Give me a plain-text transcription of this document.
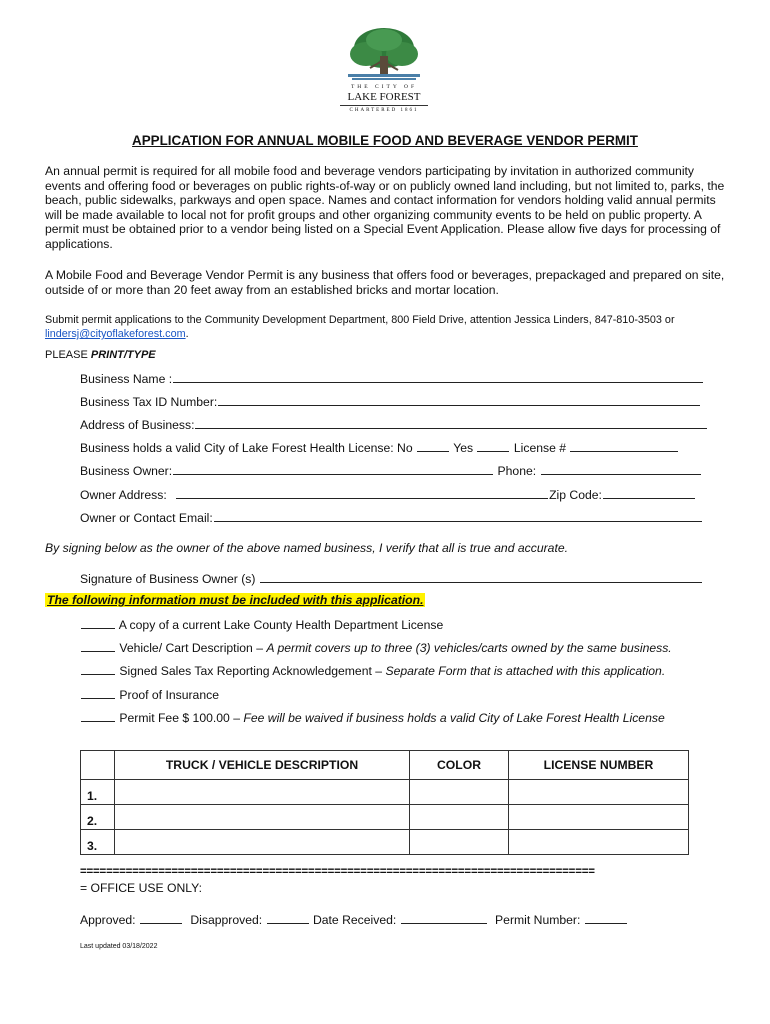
THE CITY OF
LAKE FOREST
CHARTERED 1861
APPLICATION FOR ANNUAL MOBILE FOOD AND BEVERAGE VENDOR PERMIT
An annual permit is required for all mobile food and beverage vendors participating by invitation in authorized community events and offering food or beverages on public rights-of-way or on publicly owned land including, but not limited to, parks, the beach, public sidewalks, parkways and open space. Names and contact information for vendors holding valid annual permits will be made available to local not for profit groups and other organizing community events to be held on public property. A permit must be obtained prior to a vendor being listed on a Special Event Application. Please allow five days for processing of applications.
A Mobile Food and Beverage Vendor Permit is any business that offers food or beverages, prepackaged and prepared on site, outside of or more than 20 feet away from an established bricks and mortar location.
Submit permit applications to the Community Development Department, 800 Field Drive, attention Jessica Linders, 847-810-3503 or lindersj@cityoflakeforest.com.
PLEASE PRINT/TYPE
Business Name :
Business Tax ID Number:
Address of Business:
Business holds a valid City of Lake Forest Health License: No	Yes	License #
Business Owner:	Phone:
Owner Address:	Zip Code:
Owner or Contact Email:
By signing below as the owner of the above named business, I verify that all is true and accurate.
Signature of Business Owner (s)
The following information must be included with this application.
A copy of a current Lake County Health Department License
Vehicle/ Cart Description – A permit covers up to three (3) vehicles/carts owned by the same business.
Signed Sales Tax Reporting Acknowledgement – Separate Form that is attached with this application.
Proof of Insurance
Permit Fee $ 100.00 – Fee will be waived if business holds a valid City of Lake Forest Health License
	TRUCK / VEHICLE DESCRIPTION	COLOR	LICENSE NUMBER
1.			
2.			
3.			
===============================================================================
= OFFICE USE ONLY:
Approved:	Disapproved:	Date Received:	Permit Number:
Last updated 03/18/2022
